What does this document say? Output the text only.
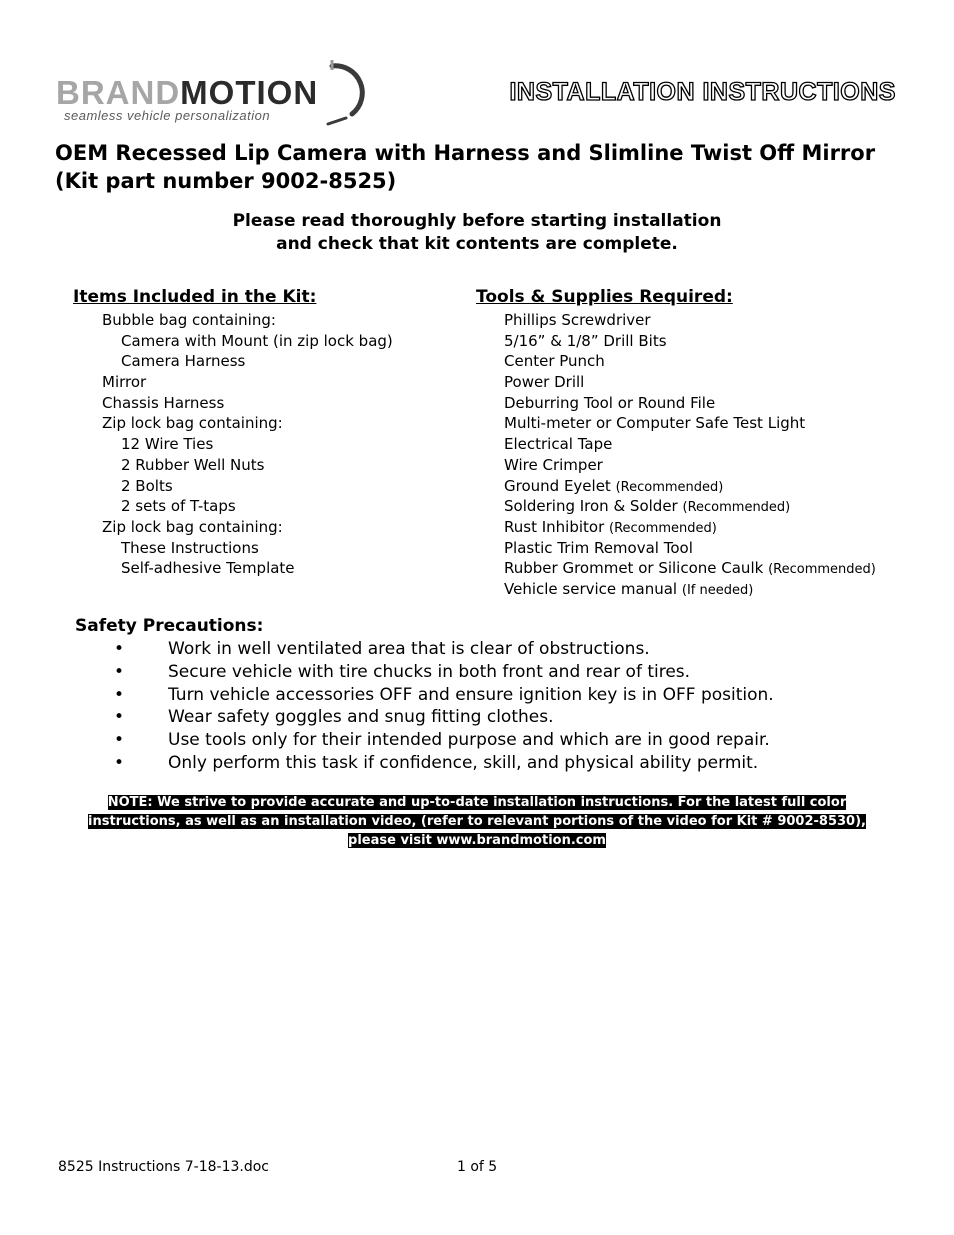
BRANDMOTION
seamless vehicle personalization
INSTALLATION INSTRUCTIONS
OEM Recessed Lip Camera with Harness and Slimline Twist Off Mirror
(Kit part number 9002-8525)
Please read thoroughly before starting installation
and check that kit contents are complete.
Items Included in the Kit:
Bubble bag containing:
Camera with Mount (in zip lock bag)
Camera Harness
Mirror
Chassis Harness
Zip lock bag containing:
12 Wire Ties
2 Rubber Well Nuts
2 Bolts
2 sets of T-taps
Zip lock bag containing:
These Instructions
Self-adhesive Template
Tools & Supplies Required:
Phillips Screwdriver
5/16” & 1/8” Drill Bits
Center Punch
Power Drill
Deburring Tool or Round File
Multi-meter or Computer Safe Test Light
Electrical Tape
Wire Crimper
Ground Eyelet (Recommended)
Soldering Iron & Solder (Recommended)
Rust Inhibitor (Recommended)
Plastic Trim Removal Tool
Rubber Grommet or Silicone Caulk (Recommended)
Vehicle service manual (If needed)
Safety Precautions:
•	Work in well ventilated area that is clear of obstructions.
•	Secure vehicle with tire chucks in both front and rear of tires.
•	Turn vehicle accessories OFF and ensure ignition key is in OFF position.
•	Wear safety goggles and snug fitting clothes.
•	Use tools only for their intended purpose and which are in good repair.
•	Only perform this task if confidence, skill, and physical ability permit.
NOTE: We strive to provide accurate and up-to-date installation instructions. For the latest full color
instructions, as well as an installation video, (refer to relevant portions of the video for Kit # 9002-8530),
please visit www.brandmotion.com
8525 Instructions 7-18-13.doc	1 of 5
